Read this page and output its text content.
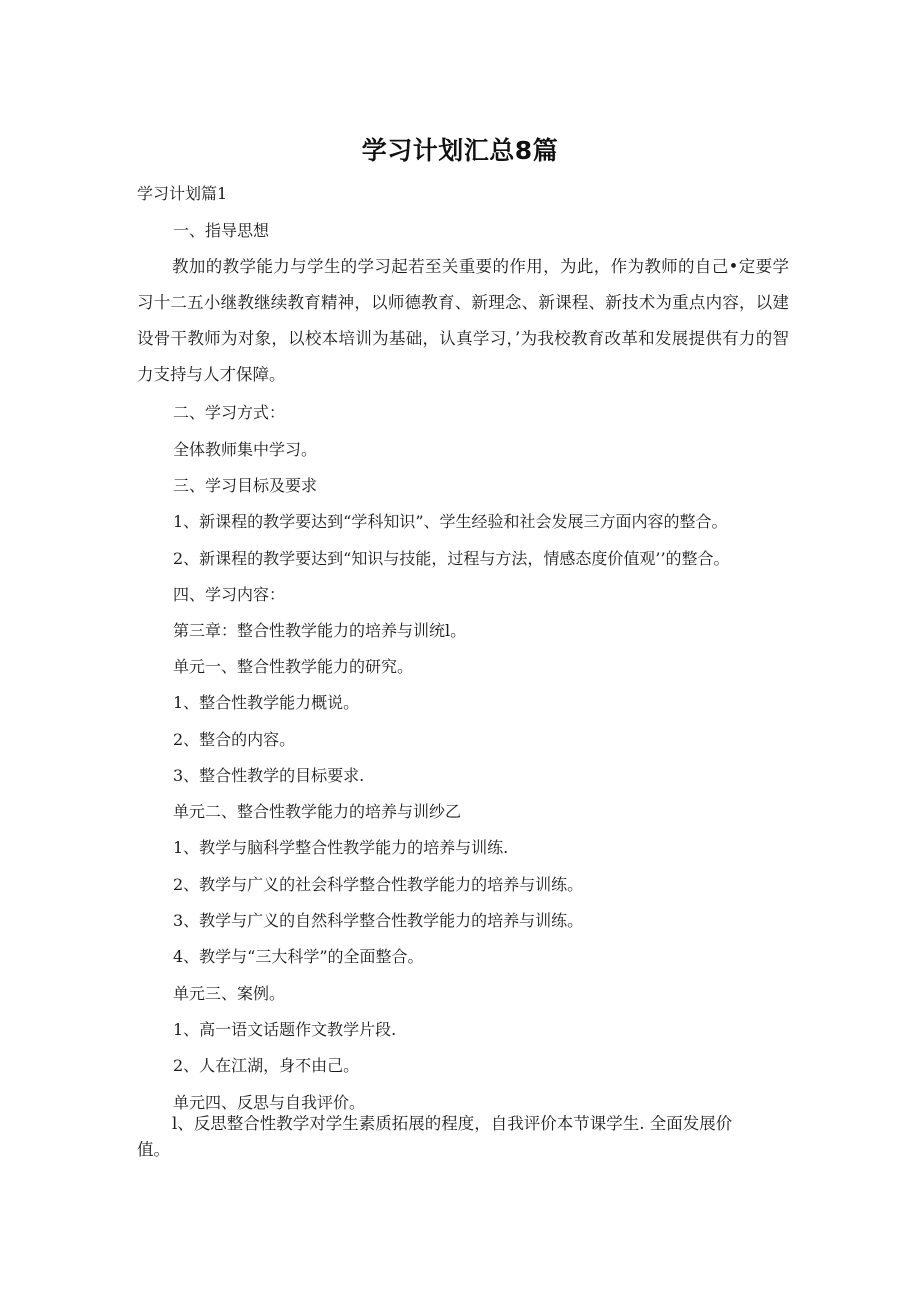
学习计划汇总8篇
学习计划篇1
一、指导思想
教加的教学能力与学生的学习起若至关重要的作用，为此，作为教师的自己•定要学习十二五小继教继续教育精神，以师德教育、新理念、新课程、新技术为重点内容，以建设骨干教师为对象，以校本培训为基础，认真学习，’为我校教育改革和发展提供有力的智力支持与人才保障。
二、学习方式：
全体教师集中学习。
三、学习目标及要求
1、新课程的教学要达到“学科知识”、学生经验和社会发展三方面内容的整合。
2、新课程的教学要达到“知识与技能，过程与方法，情感态度价值观’’的整合。
四、学习内容：
第三章：整合性教学能力的培养与训统l。
单元一、整合性教学能力的研究。
1、整合性教学能力概说。
2、整合的内容。
3、整合性教学的目标要求.
单元二、整合性教学能力的培养与训纱乙
1、教学与脑科学整合性教学能力的培养与训练.
2、教学与广义的社会科学整合性教学能力的培养与训练。
3、教学与广义的自然科学整合性教学能力的培养与训练。
4、教学与“三大科学”的全面整合。
单元三、案例。
1、高一语文话题作文教学片段.
2、人在江湖，身不由己。
单元四、反思与自我评价。
l、反思整合性教学对学生素质拓展的程度，自我评价本节课学生. 全面发展价值。
